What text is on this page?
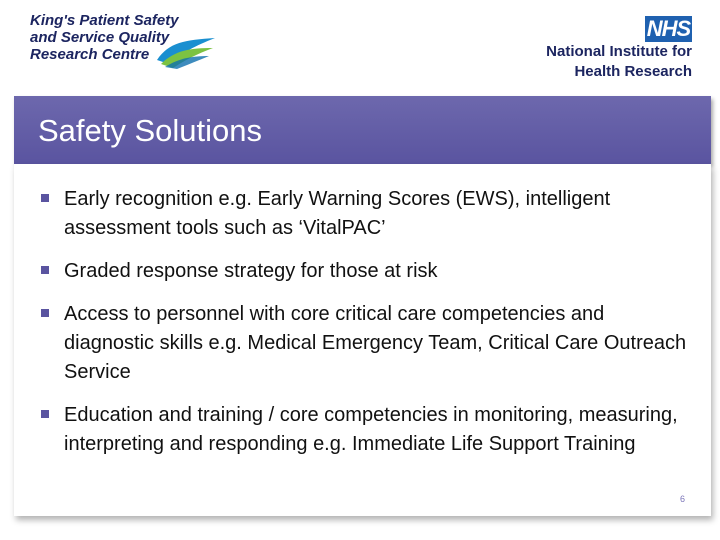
King's Patient Safety
and Service Quality
Research Centre
NHS
National Institute for
Health Research
Safety Solutions
Early recognition e.g. Early Warning Scores (EWS), intelligent assessment tools such as ‘VitalPAC’
Graded response strategy for those at risk
Access to personnel with core critical care competencies and diagnostic skills e.g. Medical Emergency Team, Critical Care Outreach Service
Education and training / core competencies in monitoring, measuring, interpreting and responding e.g. Immediate Life Support Training
6
